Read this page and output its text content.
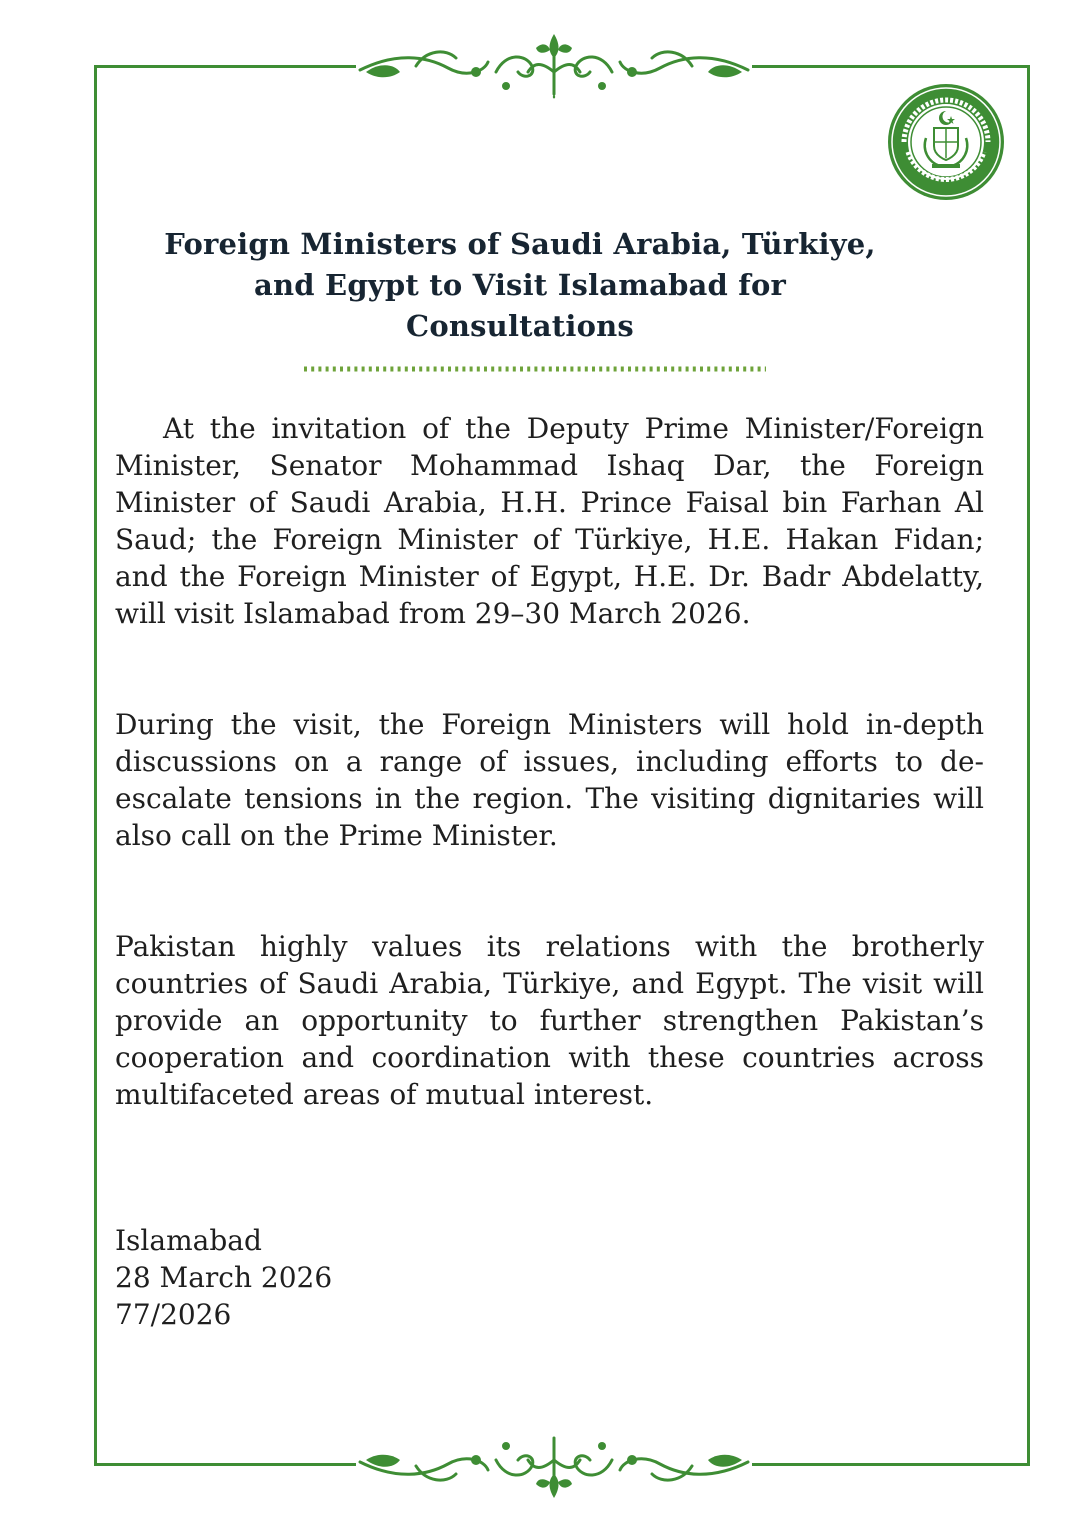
Foreign Ministers of Saudi Arabia, Türkiye,
and Egypt to Visit Islamabad for
Consultations

At the invitation of the Deputy Prime Minister/Foreign Minister, Senator Mohammad Ishaq Dar, the Foreign Minister of Saudi Arabia, H.H. Prince Faisal bin Farhan Al Saud; the Foreign Minister of Türkiye, H.E. Hakan Fidan; and the Foreign Minister of Egypt, H.E. Dr. Badr Abdelatty, will visit Islamabad from 29–30 March 2026.

During the visit, the Foreign Ministers will hold in-depth discussions on a range of issues, including efforts to de-escalate tensions in the region. The visiting dignitaries will also call on the Prime Minister.

Pakistan highly values its relations with the brotherly countries of Saudi Arabia, Türkiye, and Egypt. The visit will provide an opportunity to further strengthen Pakistan’s cooperation and coordination with these countries across multifaceted areas of mutual interest.

Islamabad
28 March 2026
77/2026
